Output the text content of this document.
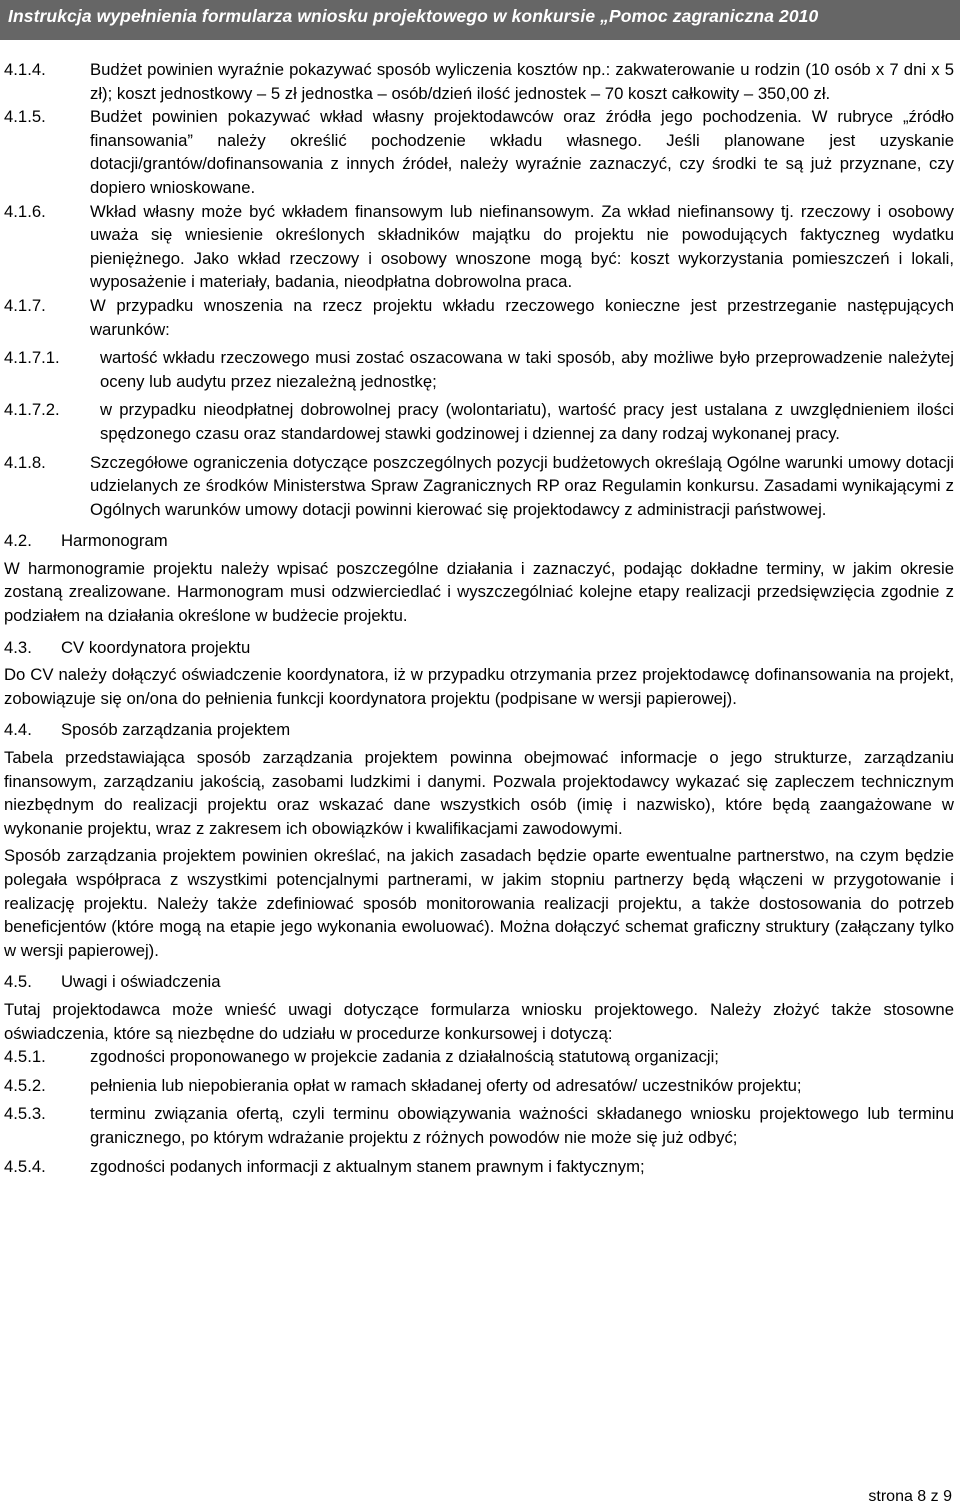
Instrukcja wypełnienia formularza wniosku projektowego w konkursie „Pomoc zagraniczna 2010
4.1.4.	Budżet powinien wyraźnie pokazywać sposób wyliczenia kosztów np.: zakwaterowanie u rodzin (10 osób x 7 dni x 5 zł); koszt jednostkowy – 5 zł jednostka – osób/dzień ilość jednostek – 70 koszt całkowity – 350,00 zł.
4.1.5.	Budżet powinien pokazywać wkład własny projektodawców oraz źródła jego pochodzenia. W rubryce „źródło finansowania” należy określić pochodzenie wkładu własnego. Jeśli planowane jest uzyskanie dotacji/grantów/dofinansowania z innych źródeł, należy wyraźnie zaznaczyć, czy środki te są już przyznane, czy dopiero wnioskowane.
4.1.6.	Wkład własny może być wkładem finansowym lub niefinansowym. Za wkład niefinansowy tj. rzeczowy i osobowy uważa się wniesienie określonych składników majątku do projektu nie powodujących faktyczneg wydatku pieniężnego. Jako wkład rzeczowy i osobowy wnoszone mogą być: koszt wykorzystania pomieszczeń i lokali, wyposażenie i materiały, badania, nieodpłatna dobrowolna praca.
4.1.7.	W przypadku wnoszenia na rzecz projektu wkładu rzeczowego konieczne jest przestrzeganie następujących warunków:
4.1.7.1.	wartość wkładu rzeczowego musi zostać oszacowana w taki sposób, aby możliwe było przeprowadzenie należytej oceny lub audytu przez niezależną jednostkę;
4.1.7.2.	w przypadku nieodpłatnej dobrowolnej pracy (wolontariatu), wartość pracy jest ustalana z uwzględnieniem ilości spędzonego czasu oraz standardowej stawki godzinowej i dziennej za dany rodzaj wykonanej pracy.
4.1.8.	Szczegółowe ograniczenia dotyczące poszczególnych pozycji budżetowych określają Ogólne warunki umowy dotacji udzielanych ze środków Ministerstwa Spraw Zagranicznych RP oraz Regulamin konkursu. Zasadami wynikającymi z Ogólnych warunków umowy dotacji powinni kierować się projektodawcy z administracji państwowej.
4.2.	Harmonogram
W harmonogramie projektu należy wpisać poszczególne działania i zaznaczyć, podając dokładne terminy, w jakim okresie zostaną zrealizowane. Harmonogram musi odzwierciedlać i wyszczególniać kolejne etapy realizacji przedsięwzięcia zgodnie z podziałem na działania określone w budżecie projektu.
4.3.	CV koordynatora projektu
Do CV należy dołączyć oświadczenie koordynatora, iż w przypadku otrzymania przez projektodawcę dofinansowania na projekt, zobowiązuje się on/ona do pełnienia funkcji koordynatora projektu (podpisane w wersji papierowej).
4.4.	Sposób zarządzania projektem
Tabela przedstawiająca sposób zarządzania projektem powinna obejmować informacje o jego strukturze, zarządzaniu finansowym, zarządzaniu jakością, zasobami ludzkimi i danymi. Pozwala projektodawcy wykazać się zapleczem technicznym niezbędnym do realizacji projektu oraz wskazać dane wszystkich osób (imię i nazwisko), które będą zaangażowane w wykonanie projektu, wraz z zakresem ich obowiązków i kwalifikacjami zawodowymi.
Sposób zarządzania projektem powinien określać, na jakich zasadach będzie oparte ewentualne partnerstwo, na czym będzie polegała współpraca z wszystkimi potencjalnymi partnerami, w jakim stopniu partnerzy będą włączeni w przygotowanie i realizację projektu. Należy także zdefiniować sposób monitorowania realizacji projektu, a także dostosowania do potrzeb beneficjentów (które mogą na etapie jego wykonania ewoluować). Można dołączyć schemat graficzny struktury (załączany tylko w wersji papierowej).
4.5.	Uwagi i oświadczenia
Tutaj projektodawca może wnieść uwagi dotyczące formularza wniosku projektowego. Należy złożyć także stosowne oświadczenia, które są niezbędne do udziału w procedurze konkursowej i dotyczą:
4.5.1.	zgodności proponowanego w projekcie zadania z działalnością statutową organizacji;
4.5.2.	pełnienia lub niepobierania opłat w ramach składanej oferty od adresatów/ uczestników projektu;
4.5.3.	terminu związania ofertą, czyli terminu obowiązywania ważności składanego wniosku projektowego lub terminu granicznego, po którym wdrażanie projektu z różnych powodów nie może się już odbyć;
4.5.4.	zgodności podanych informacji z aktualnym stanem prawnym i faktycznym;
strona 8 z 9
